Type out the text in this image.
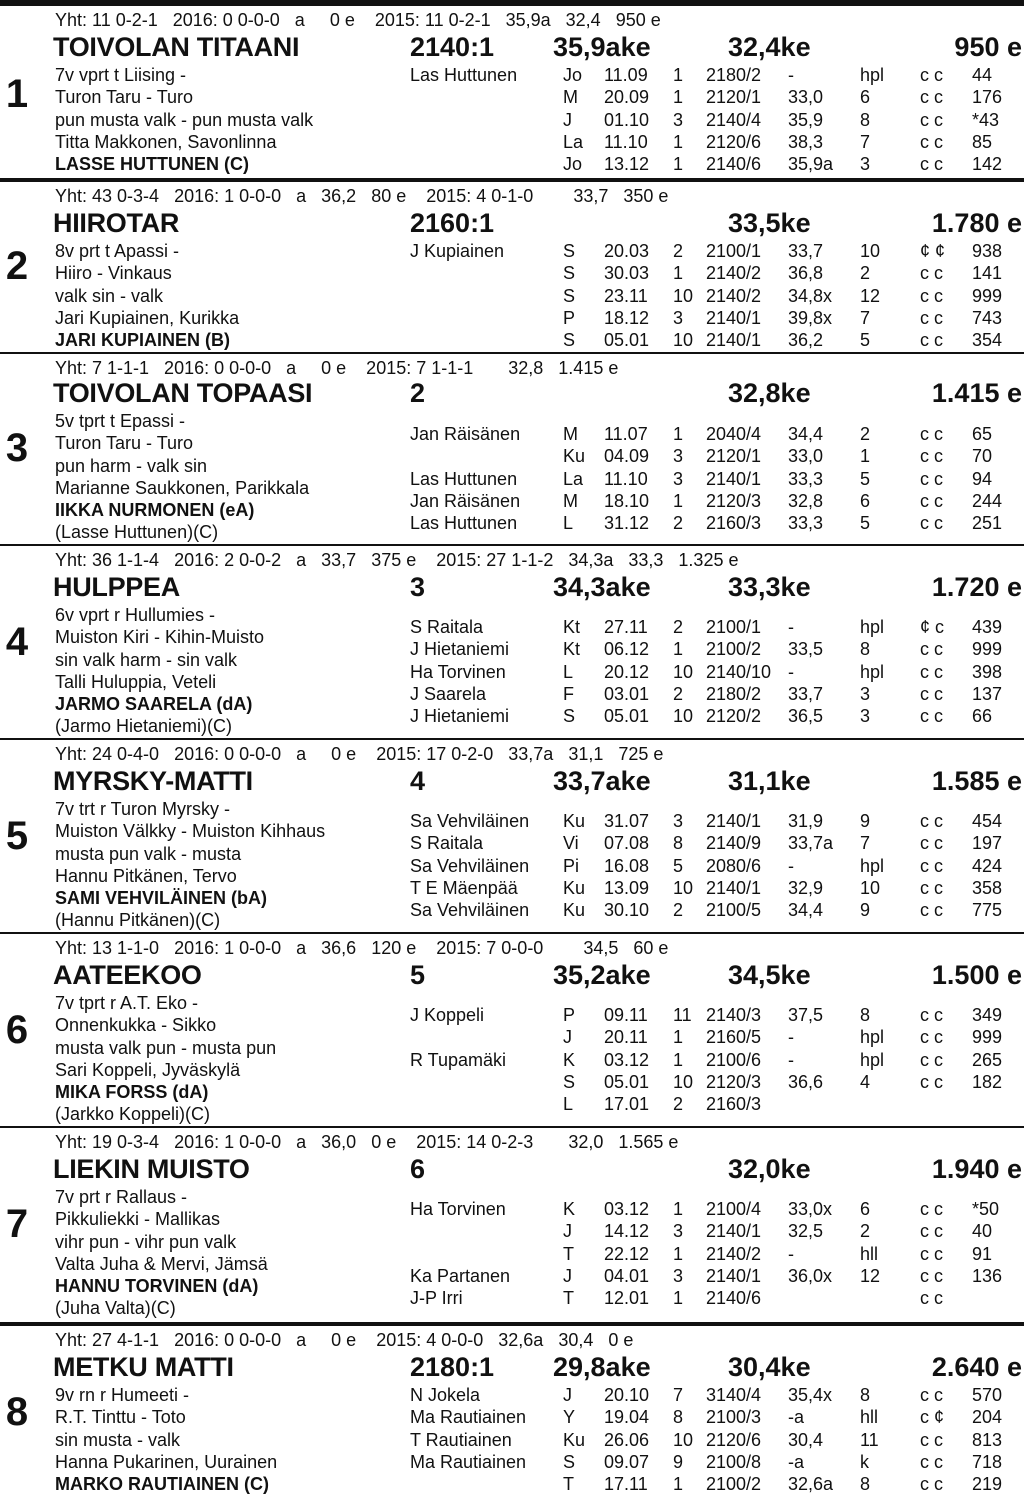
Yht: 11 0-2-1   2016: 0 0-0-0   a     0 e    2015: 11 0-2-1   35,9a   32,4   950 e
TOIVOLAN TITAANI	2140:1 35,9ake	32,4ke	950 e
1 7v vprt t Liising -
Turon Taru - Turo
pun musta valk - pun musta valk
Titta Makkonen, Savonlinna
LASSE HUTTUNEN (C)
Las Huttunen	Jo 11.09 1 2180/2 -	hpl c c 44
M 20.09 1 2120/1 33,0 6	c c 176
J 01.10 3 2140/4 35,9 8	c c *43
La 11.10 1 2120/6 38,3 7	c c 85
Jo 13.12 1 2140/6 35,9a 3	c c 142
Yht: 43 0-3-4   2016: 1 0-0-0   a   36,2   80 e    2015: 4 0-1-0        33,7   350 e
HIIROTAR	2160:1	33,5ke	1.780 e
2 8v prt t Apassi -
Hiiro - Vinkaus
valk sin - valk
Jari Kupiainen, Kurikka
JARI KUPIAINEN (B)
J Kupiainen	S 20.03 2 2100/1 33,7 10 ¢ ¢ 938
S 30.03 1 2140/2 36,8 2	c c 141
S 23.11 10 2140/2 34,8x 12 c c 999
P 18.12 3 2140/1 39,8x 7	c c 743
S 05.01 10 2140/1 36,2 5	c c 354
Yht: 7 1-1-1   2016: 0 0-0-0   a     0 e    2015: 7 1-1-1       32,8   1.415 e
TOIVOLAN TOPAASI	2	32,8ke	1.415 e
3
5v tprt t Epassi -
Turon Taru - Turo
pun harm - valk sin
Marianne Saukkonen, Parikkala
IIKKA NURMONEN (eA)
(Lasse Huttunen)(C)
Jan Räisänen M 11.07 1 2040/4 34,4 2	c c 65
Ku 04.09 3 2120/1 33,0 1	c c 70
Las Huttunen	La 11.10 3 2140/1 33,3 5	c c 94
Jan Räisänen M 18.10 1 2120/3 32,8 6	c c 244
Las Huttunen	L 31.12 2 2160/3 33,3 5	c c 251
Yht: 36 1-1-4   2016: 2 0-0-2   a   33,7   375 e    2015: 27 1-1-2   34,3a   33,3   1.325 e
HULPPEA	3	34,3ake	33,3ke	1.720 e
4
6v vprt r Hullumies -
Muiston Kiri - Kihin-Muisto
sin valk harm - sin valk
Talli Huluppia, Veteli
JARMO SAARELA (dA)
(Jarmo Hietaniemi)(C)
S Raitala	Kt 27.11 2 2100/1 -	hpl ¢ c 439
J Hietaniemi	Kt 06.12 1 2100/2 33,5 8	c c 999
Ha Torvinen	L 20.12 10 2140/10 -	hpl c c 398
J Saarela	F 03.01 2 2180/2 33,7 3	c c 137
J Hietaniemi	S 05.01 10 2120/2 36,5 3	c c 66
Yht: 24 0-4-0   2016: 0 0-0-0   a     0 e    2015: 17 0-2-0   33,7a   31,1   725 e
MYRSKY-MATTI	4	33,7ake	31,1ke	1.585 e
5
7v trt r Turon Myrsky -
Muiston Välkky - Muiston Kihhaus
musta pun valk - musta
Hannu Pitkänen, Tervo
SAMI VEHVILÄINEN (bA)
(Hannu Pitkänen)(C)
Sa Vehviläinen Ku 31.07 3 2140/1 31,9 9	c c 454
S Raitala	Vi 07.08 8 2140/9 33,7a 7	c c 197
Sa Vehviläinen Pi 16.08 5 2080/6 -	hpl c c 424
T E Mäenpää	Ku 13.09 10 2140/1 32,9 10 c c 358
Sa Vehviläinen Ku 30.10 2 2100/5 34,4 9	c c 775
Yht: 13 1-1-0   2016: 1 0-0-0   a   36,6   120 e    2015: 7 0-0-0        34,5   60 e
AATEEKOO	5	35,2ake	34,5ke	1.500 e
6
7v tprt r A.T. Eko -
Onnenkukka - Sikko
musta valk pun - musta pun
Sari Koppeli, Jyväskylä
MIKA FORSS (dA)
(Jarkko Koppeli)(C)
J Koppeli	P 09.11 11 2140/3 37,5 8	c c 349
J 20.11 1 2160/5 -	hpl c c 999
R Tupamäki	K 03.12 1 2100/6 -	hpl c c 265
S 05.01 10 2120/3 36,6 4	c c 182
L 17.01 2 2160/3
Yht: 19 0-3-4   2016: 1 0-0-0   a   36,0   0 e    2015: 14 0-2-3       32,0   1.565 e
LIEKIN MUISTO	6	32,0ke	1.940 e
7
7v prt r Rallaus -
Pikkuliekki - Mallikas
vihr pun - vihr pun valk
Valta Juha & Mervi, Jämsä
HANNU TORVINEN (dA)
(Juha Valta)(C)
Ha Torvinen	K 03.12 1 2100/4 33,0x 6	c c *50
J 14.12 3 2140/1 32,5 2	c c 40
T 22.12 1 2140/2 -	hll c c 91
Ka Partanen	J 04.01 3 2140/1 36,0x 12 c c 136
J-P Irri	T 12.01 1 2140/6	c c
Yht: 27 4-1-1   2016: 0 0-0-0   a     0 e    2015: 4 0-0-0   32,6a   30,4   0 e
METKU MATTI	2180:1 29,8ake	30,4ke	2.640 e
8 9v rn r Humeeti -
R.T. Tinttu - Toto
sin musta - valk
Hanna Pukarinen, Uurainen
MARKO RAUTIAINEN (C)
N Jokela	J 20.10 7 3140/4 35,4x 8	c c 570
Ma Rautiainen Y 19.04 8 2100/3 -a	hll c ¢ 204
T Rautiainen	Ku 26.06 10 2120/6 30,4 11 c c 813
Ma Rautiainen S 09.07 9 2100/8 -a	k	c c 718
T 17.11 1 2100/2 32,6a 8	c c 219
